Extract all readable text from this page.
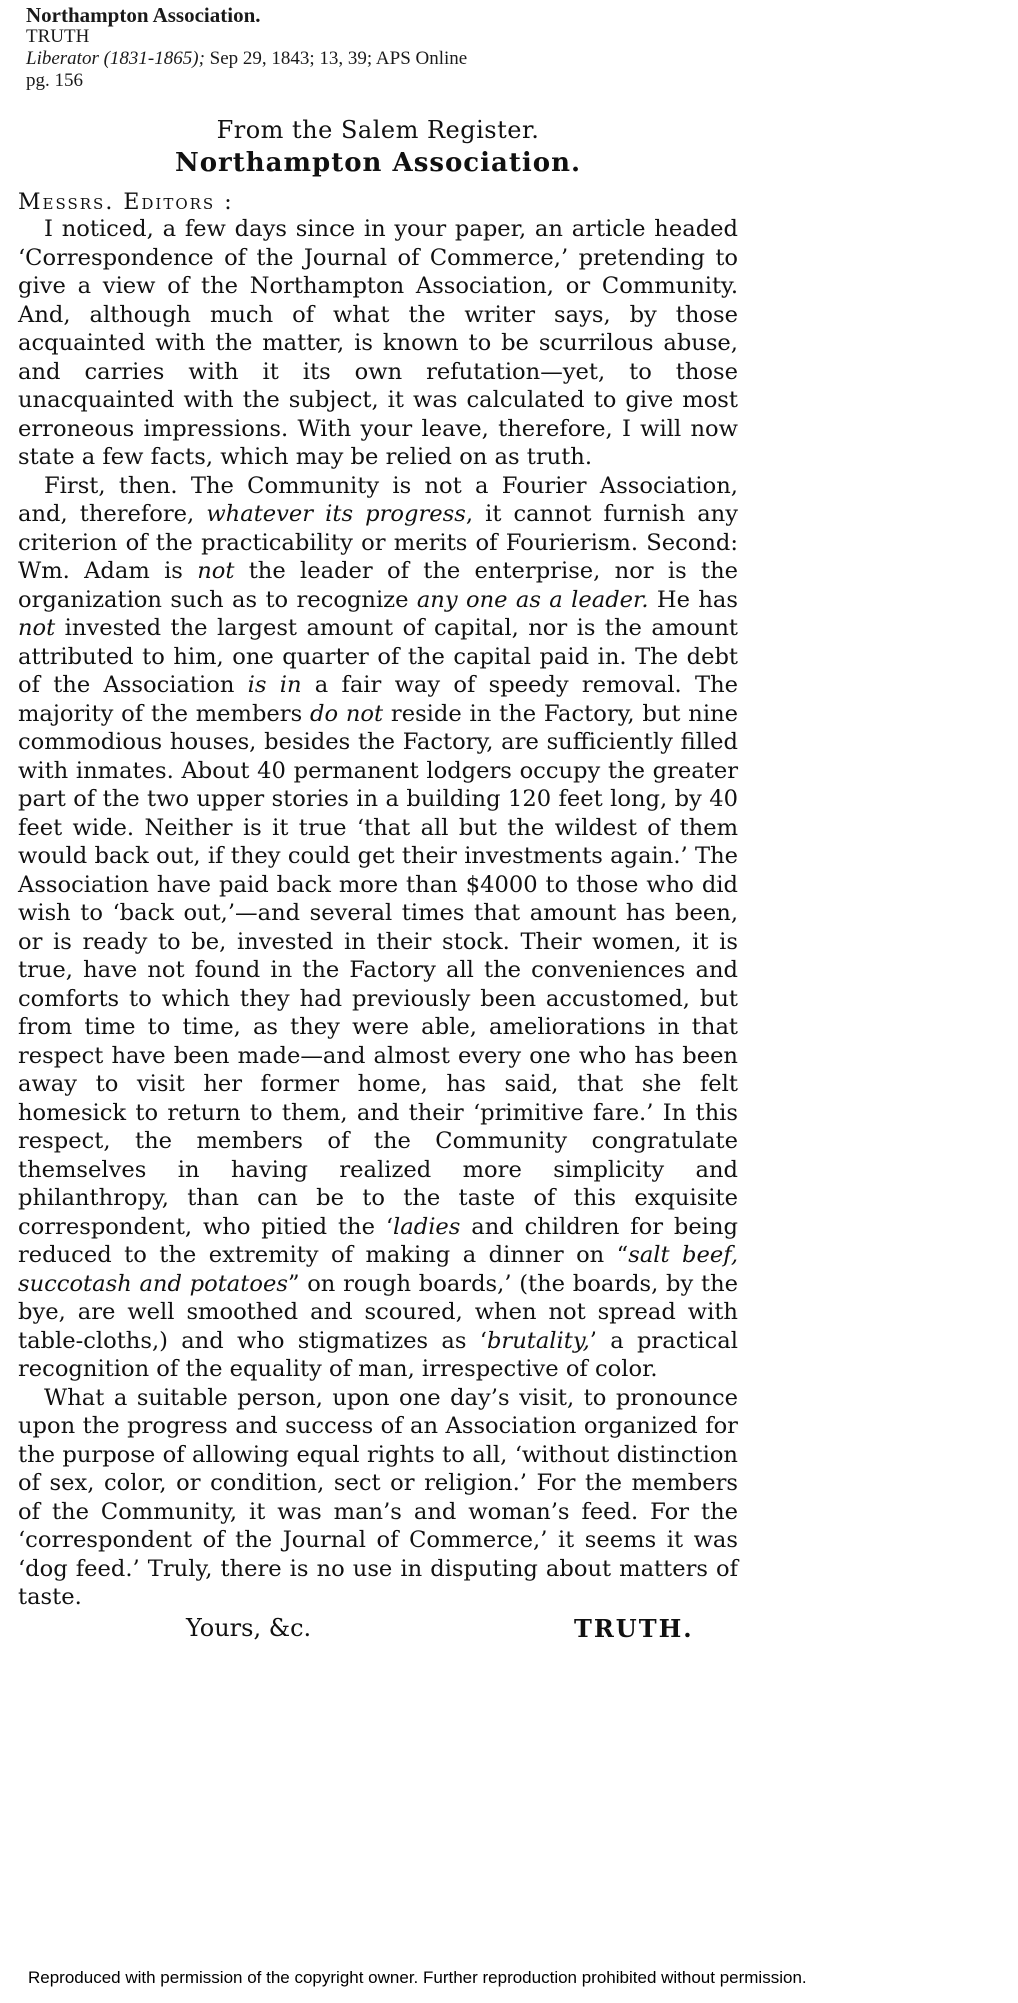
Northampton Association.
TRUTH
Liberator (1831-1865); Sep 29, 1843; 13, 39; APS Online
pg. 156
From the Salem Register.
Northampton Association.
Messrs. Editors :

I noticed, a few days since in your paper, an article headed ‘Correspondence of the Journal of Commerce,’ pretending to give a view of the Northampton Association, or Community. And, although much of what the writer says, by those acquainted with the matter, is known to be scurrilous abuse, and carries with it its own refutation—yet, to those unacquainted with the subject, it was calculated to give most erroneous impressions. With your leave, therefore, I will now state a few facts, which may be relied on as truth.

First, then. The Community is not a Fourier Association, and, therefore, whatever its progress, it cannot furnish any criterion of the practicability or merits of Fourierism. Second: Wm. Adam is not the leader of the enterprise, nor is the organization such as to recognize any one as a leader. He has not invested the largest amount of capital, nor is the amount attributed to him, one quarter of the capital paid in. The debt of the Association is in a fair way of speedy removal. The majority of the members do not reside in the Factory, but nine commodious houses, besides the Factory, are sufficiently filled with inmates. About 40 permanent lodgers occupy the greater part of the two upper stories in a building 120 feet long, by 40 feet wide. Neither is it true ‘that all but the wildest of them would back out, if they could get their investments again.’ The Association have paid back more than $4000 to those who did wish to ‘back out,’—and several times that amount has been, or is ready to be, invested in their stock. Their women, it is true, have not found in the Factory all the conveniences and comforts to which they had previously been accustomed, but from time to time, as they were able, ameliorations in that respect have been made—and almost every one who has been away to visit her former home, has said, that she felt homesick to return to them, and their ‘primitive fare.’ In this respect, the members of the Community congratulate themselves in having realized more simplicity and philanthropy, than can be to the taste of this exquisite correspondent, who pitied the ‘ladies and children for being reduced to the extremity of making a dinner on “salt beef, succotash and potatoes” on rough boards,’ (the boards, by the bye, are well smoothed and scoured, when not spread with table-cloths,) and who stigmatizes as ‘brutality,’ a practical recognition of the equality of man, irrespective of color.

What a suitable person, upon one day’s visit, to pronounce upon the progress and success of an Association organized for the purpose of allowing equal rights to all, ‘without distinction of sex, color, or condition, sect or religion.’ For the members of the Community, it was man’s and woman’s feed. For the ‘correspondent of the Journal of Commerce,’ it seems it was ‘dog feed.’ Truly, there is no use in disputing about matters of taste.

Yours, &c.	TRUTH.
Reproduced with permission of the copyright owner. Further reproduction prohibited without permission.
